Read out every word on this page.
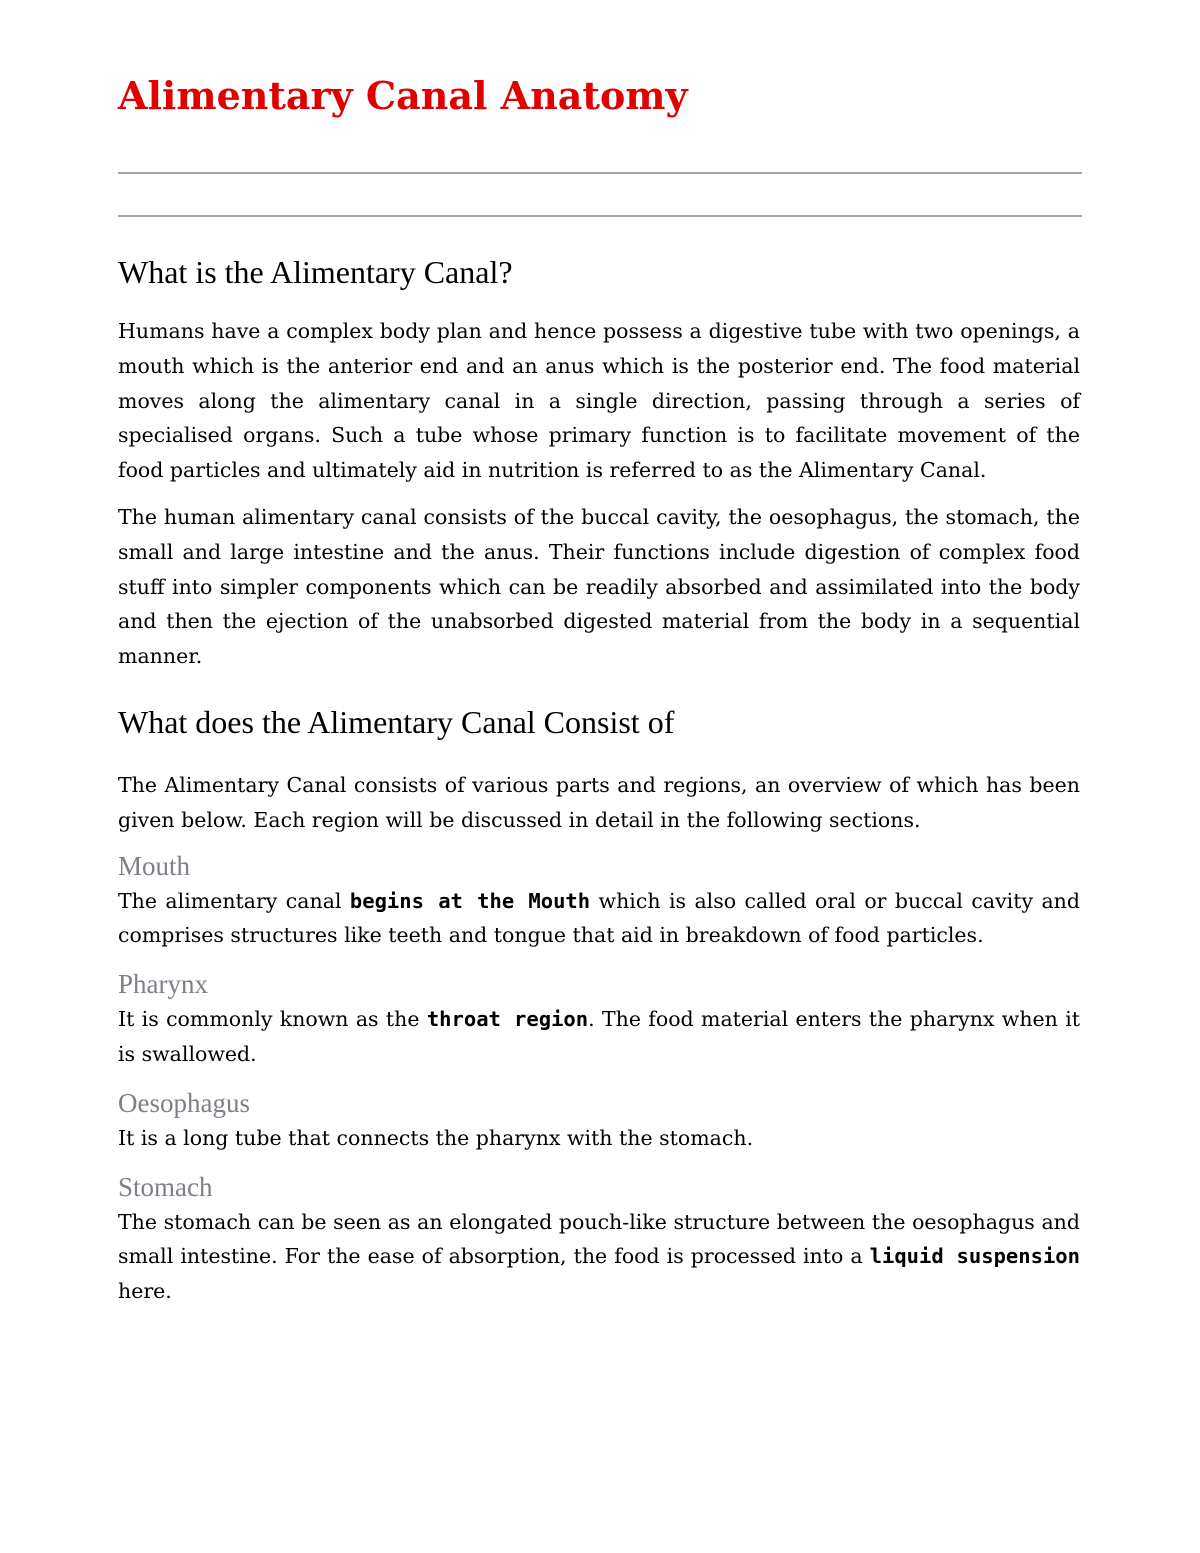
Alimentary Canal Anatomy
What is the Alimentary Canal?

Humans have a complex body plan and hence possess a digestive tube with two openings, a mouth which is the anterior end and an anus which is the posterior end. The food material moves along the alimentary canal in a single direction, passing through a series of specialised organs. Such a tube whose primary function is to facilitate movement of the food particles and ultimately aid in nutrition is referred to as the Alimentary Canal.

The human alimentary canal consists of the buccal cavity, the oesophagus, the stomach, the small and large intestine and the anus. Their functions include digestion of complex food stuff into simpler components which can be readily absorbed and assimilated into the body and then the ejection of the unabsorbed digested material from the body in a sequential manner.

What does the Alimentary Canal Consist of

The Alimentary Canal consists of various parts and regions, an overview of which has been given below. Each region will be discussed in detail in the following sections.

Mouth

The alimentary canal begins at the Mouth which is also called oral or buccal cavity and comprises structures like teeth and tongue that aid in breakdown of food particles.

Pharynx

It is commonly known as the throat region. The food material enters the pharynx when it is swallowed.

Oesophagus

It is a long tube that connects the pharynx with the stomach.

Stomach

The stomach can be seen as an elongated pouch-like structure between the oesophagus and small intestine. For the ease of absorption, the food is processed into a liquid suspension here.
